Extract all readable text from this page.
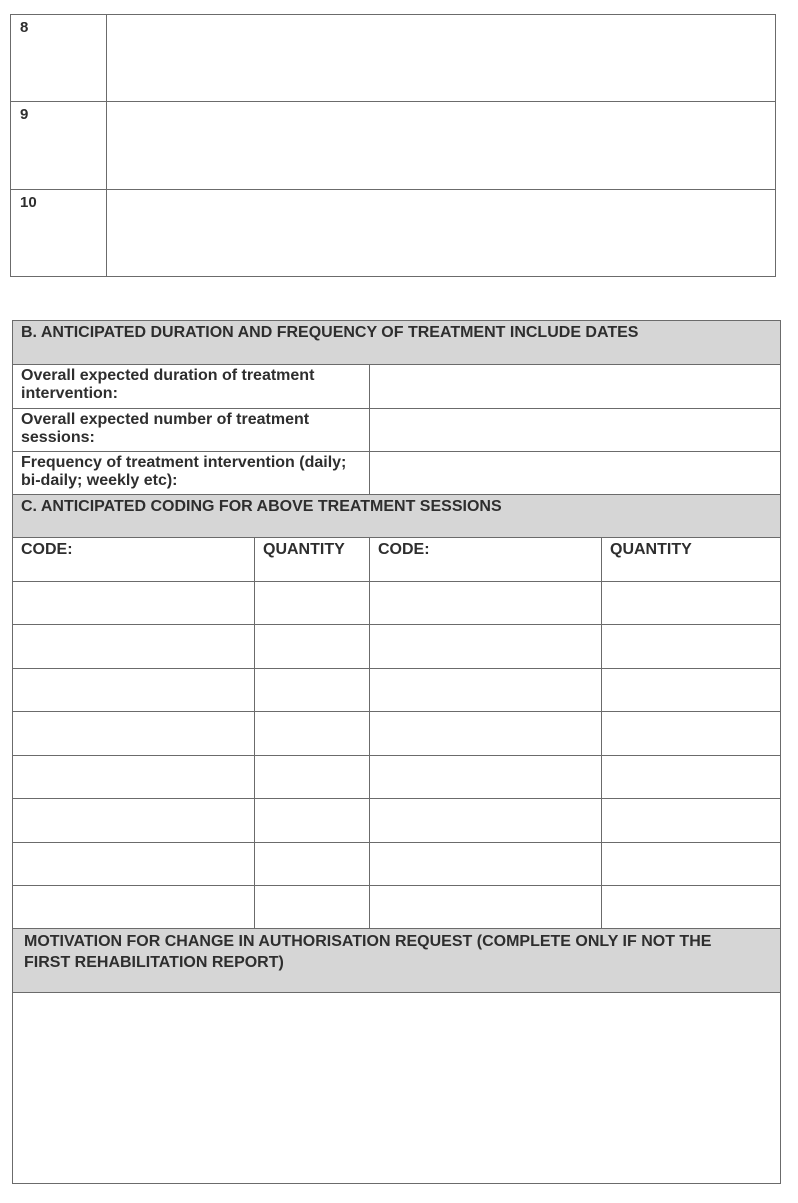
8	
9	
10	
B. ANTICIPATED DURATION AND FREQUENCY OF TREATMENT INCLUDE DATES			
Overall expected duration of treatment intervention:			
Overall expected number of treatment sessions:			
Frequency of treatment intervention (daily; bi-daily; weekly etc):			
C. ANTICIPATED CODING FOR ABOVE TREATMENT SESSIONS			
CODE:	QUANTITY	CODE:	QUANTITY

MOTIVATION FOR CHANGE IN AUTHORISATION REQUEST (COMPLETE ONLY IF NOT THE FIRST REHABILITATION REPORT)			
